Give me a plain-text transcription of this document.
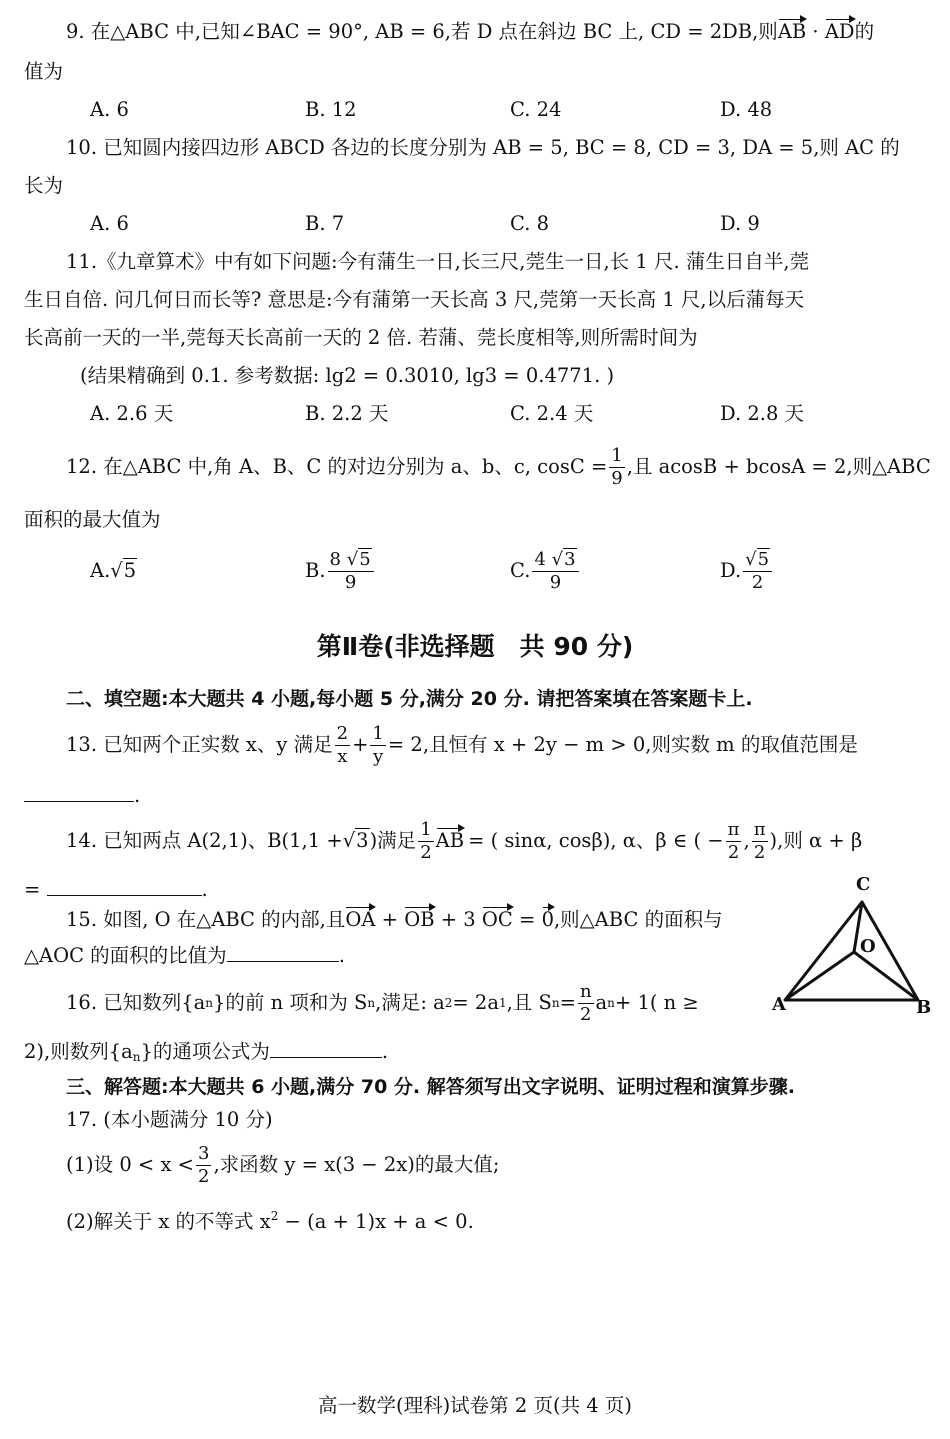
9. 在△ABC 中,已知∠BAC = 90°, AB = 6,若 D 点在斜边 BC 上, CD = 2DB,则AB · AD的
值为
A. 6	B. 12	C. 24	D. 48
10. 已知圆内接四边形 ABCD 各边的长度分别为 AB = 5, BC = 8, CD = 3, DA = 5,则 AC 的
长为
A. 6	B. 7	C. 8	D. 9
11.《九章算术》中有如下问题:今有蒲生一日,长三尺,莞生一日,长 1 尺. 蒲生日自半,莞
生日自倍. 问几何日而长等? 意思是:今有蒲第一天长高 3 尺,莞第一天长高 1 尺,以后蒲每天
长高前一天的一半,莞每天长高前一天的 2 倍. 若蒲、莞长度相等,则所需时间为
(结果精确到 0.1. 参考数据: lg2 = 0.3010, lg3 = 0.4771. )
A. 2.6 天	B. 2.2 天	C. 2.4 天	D. 2.8 天
12. 在△ABC 中,角 A、B、C 的对边分别为 a、b、c, $\cos C = \frac{1}{9}$ ,且 acosB + bcosA = 2,则△ABC
面积的最大值为
A. √5	B. $\frac{8 √5}{9}$	C. $\frac{4 √3}{9}$	D. $\frac{√5}{2}$
第Ⅱ卷(非选择题　共 90 分)
二、填空题:本大题共 4 小题,每小题 5 分,满分 20 分. 请把答案填在答案题卡上.
13. 已知两个正实数 x、y 满足 $\frac{2}{x} + \frac{1}{y} = 2$,且恒有 x + 2y − m > 0,则实数 m 的取值范围是
.
14. 已知两点 A(2,1)、B(1,1 + √3 )满足 $\frac{1}{2}$ AB = ( sinα, cosβ), α、β ∈ ( − $\frac{\pi}{2}$ , $\frac{\pi}{2}$ ),则 α + β
=	.
15. 如图, O 在△ABC 的内部,且OA + OB + 3 OC = 0,则△ABC 的面积与
△AOC 的面积的比值为	.
A	B
C
O
16. 已知数列{a n }的前 n 项和为 S n ,满足: a 2 = 2a 1 ,且 S $n = \frac{n}{2}$ a n + 1( n ≥
2),则数列$\{a_n\}$的通项公式为	.
三、解答题:本大题共 6 小题,满分 70 分. 解答须写出文字说明、证明过程和演算步骤.
17. (本小题满分 10 分)
(1)设 $0 < x < \frac{3}{2}$ ,求函数 y = x(3 − 2x)的最大值;
(2)解关于 x 的不等式 $x^2 - (a + 1)x + a < 0$.
高一数学(理科)试卷第 2 页(共 4 页)
